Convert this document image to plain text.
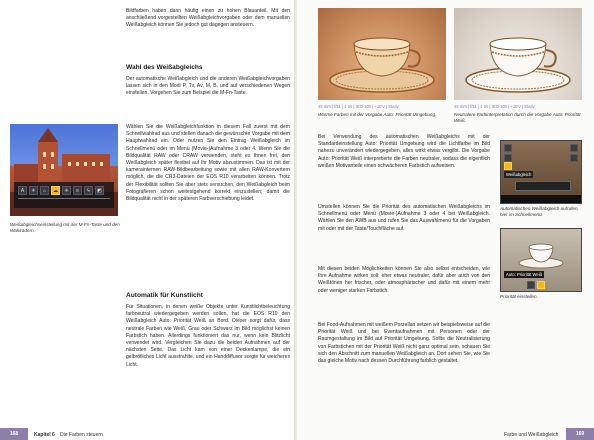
Bildfarben haben dann häufig einen zu hohen Blauanteil. Mit den anschließend vorgestellten Weißabgleichvorgaben oder dem manuellen Weißabgleich können Sie jedoch gut dagegen ansteuern.
Wahl des Weißabgleichs
Der automatische Weißabgleich und die anderen Weißabgleichvorgaben lassen sich in den Modi P, Tv, Av, M, B, und auf verschiedenen Wegen einstellen. Vorgehen Sie zum Beispiel die M-Fn-Taste.
A	☀	⌂	☁ ✳	≡	ϟ	◩
Weißabgleichseinstellung mit der M-Fn-Taste und den Wahlrädern.
Wählen Sie die Weißabgleichfunktion in diesem Fall zuerst mit dem Schnellwahlrad aus und stellen danach die gewünschte Vorgabe mit dem Hauptwahlrad ein. Oder nutzen Sie den Eintrag Weißabgleich im Schnellmenü oder im Menü (Movie-)Aufnahme 3 oder 4. Wenn Sie die Bildqualität RAW oder CRAW verwenden, steht es Ihnen frei, den Weißabgleich später flexibel auf Ihr Motiv abzustimmen. Das ist mit der kamerainternen RAW-Bildbearbeitung sowie mit allen RAW-Konvertern möglich, die die CR3-Dateien der EOS R10 verarbeiten können. Trotz der Flexibilität sollten Sie aber stets versuchen, den Weißabgleich beim Fotografieren schon weitestgehend korrekt einzustellen; damit die Bildqualität nicht in der späteren Farbverschiebung leidet.
Automatik für Kunstlicht
Für Situationen, in denen weiße Objekte unter Kunstlichtbeleuchtung farbneutral wiedergegeben werden sollen, hat die EOS R10 den Weißabgleich Auto: Priorität Weiß an Bord. Dieser sorgt dafür, dass neutrale Farben wie Weiß, Grau oder Schwarz im Bild möglichst keinen Farbstich haben. Allerdings funktioniert das nur, wenn kein Blitzlicht verwendet wird. Vergleichen Sie dazu die beiden Aufnahmen auf der nächsten Seite. Das Licht kam von einer Deckenlampe, die ein gelbrötliches Licht ausstrahlte, und ein Handdiffusor sorgte für weicheres Licht.
168	Kapitel 6 Die Farben steuern
45 mm | f/11 | 4.5s | ISO 100 | +1EV | Stativ
Warme Farben mit der Vorgabe Auto: Priorität Umgebung.
45 mm | f/11 | 4.5s | ISO 100 | +1EV | Stativ
Neutralere Farbinterpretation durch die Vorgabe Auto: Priorität Weiß.
Bei Verwendung des automatischen Weißabgleichs mit der Standardeinstellung Auto: Priorität Umgebung wird die Lichtfarbe im Bild nahezu unverändert wiedergegeben, alles wirkt etwas vergilbt. Die Vorgabe Auto: Priorität Weiß interpretierte die Farben neutraler, sodass die eigentlich weißen Motivanteile einen schwächeren Farbstich aufweisen.
Umstellen können Sie die Priorität des automatischen Weißabgleichs im Schnellmenü oder Menü (Movie-)Aufnahme 3 oder 4 bei Weißabgleich. Wählen Sie den AWB aus und rufen Sie das Auswahlmenü für die Vorgaben mit oder mit der Taste/Touchfläche auf.
Mit diesen beiden Möglichkeiten können Sie also selbst entscheiden, wie Ihre Aufnahme wirken soll: eher etwas neutraler, dafür aber auch von den Weißtönen her frischer, oder atmosphärischer und dafür mit einem mehr oder weniger starken Farbstich.
Bei Food-Aufnahmen mit weißem Porzellan setzen wir beispielsweise auf die Priorität Weiß und bei Eventaufnahmen mit Personen oder der Raumgestaltung im Bild auf Priorität Umgebung. Sollte die Neutralisierung von Farbstichen mit der Priorität Weiß nicht ganz optimal sein, schauen Sie sich den Abschnitt zum manuellen Weißabgleich an. Dort sehen Sie, wie Sie das gleiche Motiv nach dessen Durchführung farblich gestaltet.
Weißabgleich
Automatischen Weißabgleich aufrufen, hier im Schnellmenü.
Auto: Priorität Weiß
Priorität einstellen.
Farbe und Weißabgleich	169
